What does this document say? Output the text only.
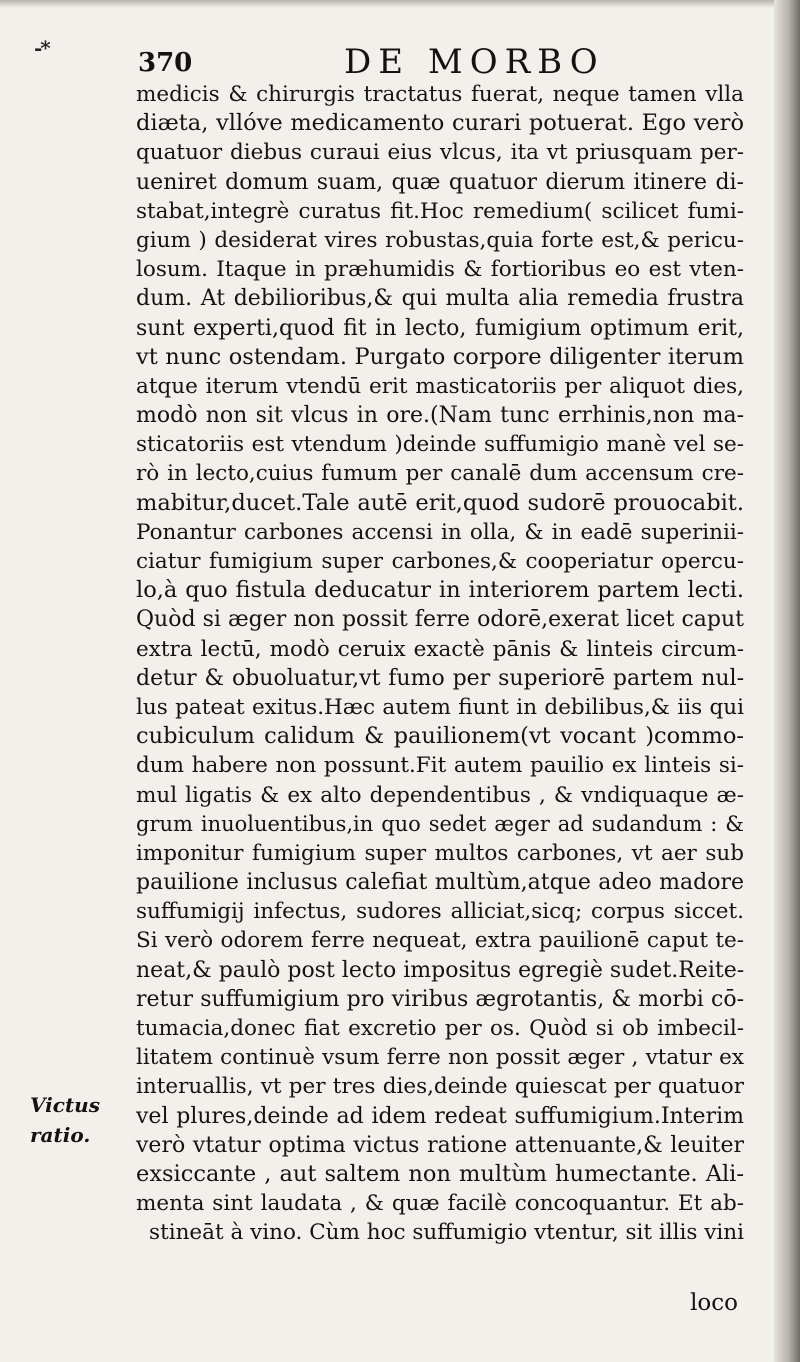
-*	370	DE MORBO
medicis & chirurgis tractatus fuerat, neque tamen vlla
diæta, vllóve medicamento curari potuerat. Ego verò
quatuor diebus curaui eius vlcus, ita vt priusquam per-
ueniret domum suam, quæ quatuor dierum itinere di-
stabat,integrè curatus fit.Hoc remedium( scilicet fumi-
gium ) desiderat vires robustas,quia forte est,& pericu-
losum. Itaque in præhumidis & fortioribus eo est vten-
dum. At debilioribus,& qui multa alia remedia frustra
sunt experti,quod fit in lecto, fumigium optimum erit,
vt nunc ostendam. Purgato corpore diligenter iterum
atque iterum vtendū erit masticatoriis per aliquot dies,
modò non sit vlcus in ore.(Nam tunc errhinis,non ma-
sticatoriis est vtendum )deinde suffumigio manè vel se-
rò in lecto,cuius fumum per canalē dum accensum cre-
mabitur,ducet.Tale autē erit,quod sudorē prouocabit.
Ponantur carbones accensi in olla, & in eadē superinii-
ciatur fumigium super carbones,& cooperiatur opercu-
lo,à quo fistula deducatur in interiorem partem lecti.
Quòd si æger non possit ferre odorē,exerat licet caput
extra lectū, modò ceruix exactè pānis & linteis circum-
detur & obuoluatur,vt fumo per superiorē partem nul-
lus pateat exitus.Hæc autem fiunt in debilibus,& iis qui
cubiculum calidum & pauilionem(vt vocant )commo-
dum habere non possunt.Fit autem pauilio ex linteis si-
mul ligatis & ex alto dependentibus , & vndiquaque æ-
grum inuoluentibus,in quo sedet æger ad sudandum : &
imponitur fumigium super multos carbones, vt aer sub
pauilione inclusus calefiat multùm,atque adeo madore
suffumigij infectus, sudores alliciat,sicq; corpus siccet.
Si verò odorem ferre nequeat, extra pauilionē caput te-
neat,& paulò post lecto impositus egregiè sudet.Reite-
retur suffumigium pro viribus ægrotantis, & morbi cō-
tumacia,donec fiat excretio per os. Quòd si ob imbecil-
litatem continuè vsum ferre non possit æger , vtatur ex
interuallis, vt per tres dies,deinde quiescat per quatuor
vel plures,deinde ad idem redeat suffumigium.Interim
verò vtatur optima victus ratione attenuante,& leuiter
exsiccante , aut saltem non multùm humectante. Ali-
menta sint laudata , & quæ facilè concoquantur. Et ab-
stineāt à vino. Cùm hoc suffumigio vtentur, sit illis vini
Victus
ratio.
loco
